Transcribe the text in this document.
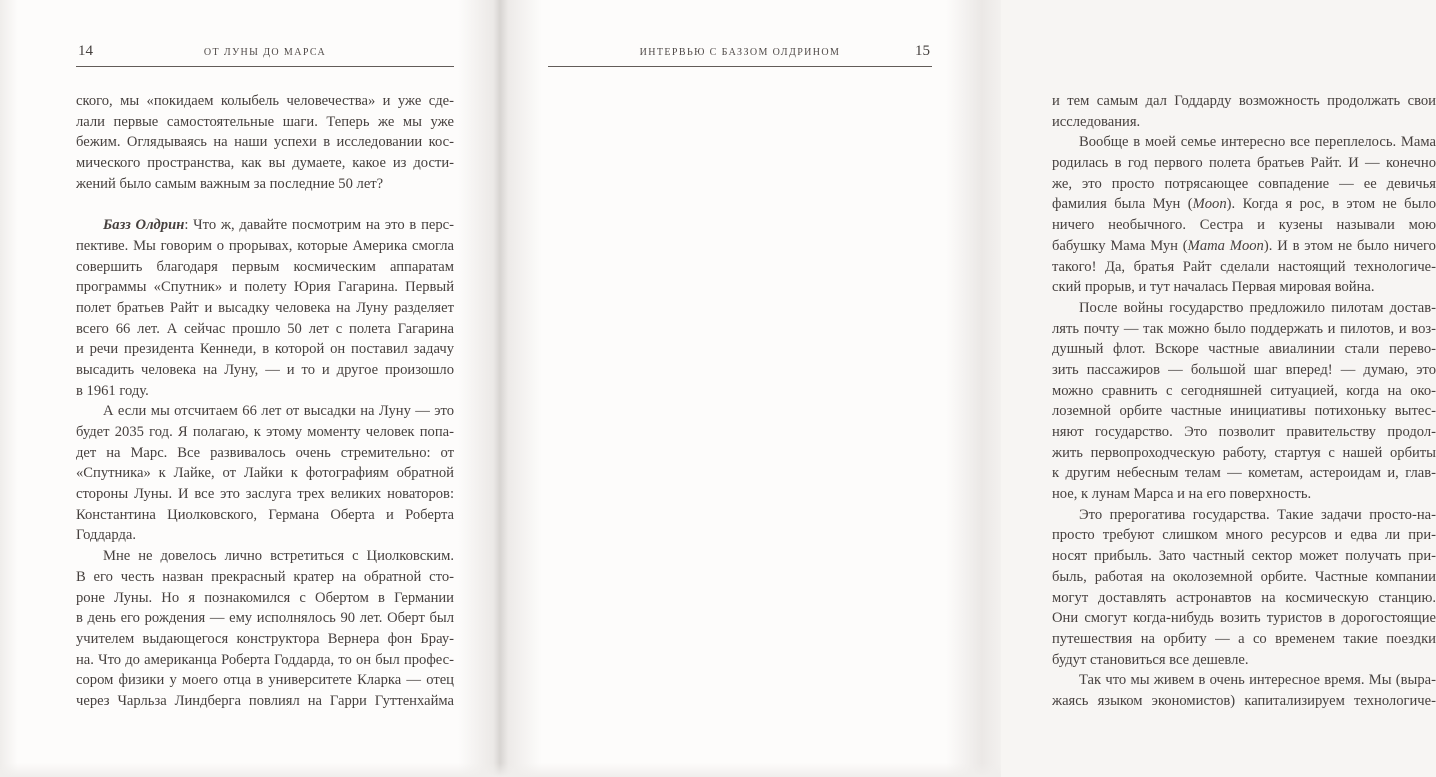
14	ОТ ЛУНЫ ДО МАРСА
ского, мы «покидаем колыбель человечества» и уже сде-
лали первые самостоятельные шаги. Теперь же мы уже
бежим. Оглядываясь на наши успехи в исследовании кос-
мического пространства, как вы думаете, какое из дости-
жений было самым важным за последние 50 лет?
Базз Олдрин: Что ж, давайте посмотрим на это в перс-
пективе. Мы говорим о прорывах, которые Америка смогла
совершить благодаря первым космическим аппаратам
программы «Спутник» и полету Юрия Гагарина. Первый
полет братьев Райт и высадку человека на Луну разделяет
всего 66 лет. А сейчас прошло 50 лет с полета Гагарина
и речи президента Кеннеди, в которой он поставил задачу
высадить человека на Луну, — и то и другое произошло
в 1961 году.
А если мы отсчитаем 66 лет от высадки на Луну — это
будет 2035 год. Я полагаю, к этому моменту человек попа-
дет на Марс. Все развивалось очень стремительно: от
«Спутника» к Лайке, от Лайки к фотографиям обратной
стороны Луны. И все это заслуга трех великих новаторов:
Константина Циолковского, Германа Оберта и Роберта
Годдарда.
Мне не довелось лично встретиться с Циолковским.
В его честь назван прекрасный кратер на обратной сто-
роне Луны. Но я познакомился с Обертом в Германии
в день его рождения — ему исполнялось 90 лет. Оберт был
учителем выдающегося конструктора Вернера фон Брау-
на. Что до американца Роберта Годдарда, то он был профес-
сором физики у моего отца в университете Кларка — отец
через Чарльза Линдберга повлиял на Гарри Гуттенхайма
15
ИНТЕРВЬЮ С БАЗЗОМ ОЛДРИНОМ
и тем самым дал Годдарду возможность продолжать свои
исследования.
Вообще в моей семье интересно все переплелось. Мама
родилась в год первого полета братьев Райт. И — конечно
же, это просто потрясающее совпадение — ее девичья
фамилия была Мун (Moon). Когда я рос, в этом не было
ничего необычного. Сестра и кузены называли мою
бабушку Мама Мун (Mama Moon). И в этом не было ничего
такого! Да, братья Райт сделали настоящий технологиче-
ский прорыв, и тут началась Первая мировая война.
После войны государство предложило пилотам достав-
лять почту — так можно было поддержать и пилотов, и воз-
душный флот. Вскоре частные авиалинии стали перево-
зить пассажиров — большой шаг вперед! — думаю, это
можно сравнить с сегодняшней ситуацией, когда на око-
лоземной орбите частные инициативы потихоньку вытес-
няют государство. Это позволит правительству продол-
жить первопроходческую работу, стартуя с нашей орбиты
к другим небесным телам — кометам, астероидам и, глав-
ное, к лунам Марса и на его поверхность.
Это прерогатива государства. Такие задачи просто-на-
просто требуют слишком много ресурсов и едва ли при-
носят прибыль. Зато частный сектор может получать при-
быль, работая на околоземной орбите. Частные компании
могут доставлять астронавтов на космическую станцию.
Они смогут когда-нибудь возить туристов в дорогостоящие
путешествия на орбиту — а со временем такие поездки
будут становиться все дешевле.
Так что мы живем в очень интересное время. Мы (выра-
жаясь языком экономистов) капитализируем технологиче-
